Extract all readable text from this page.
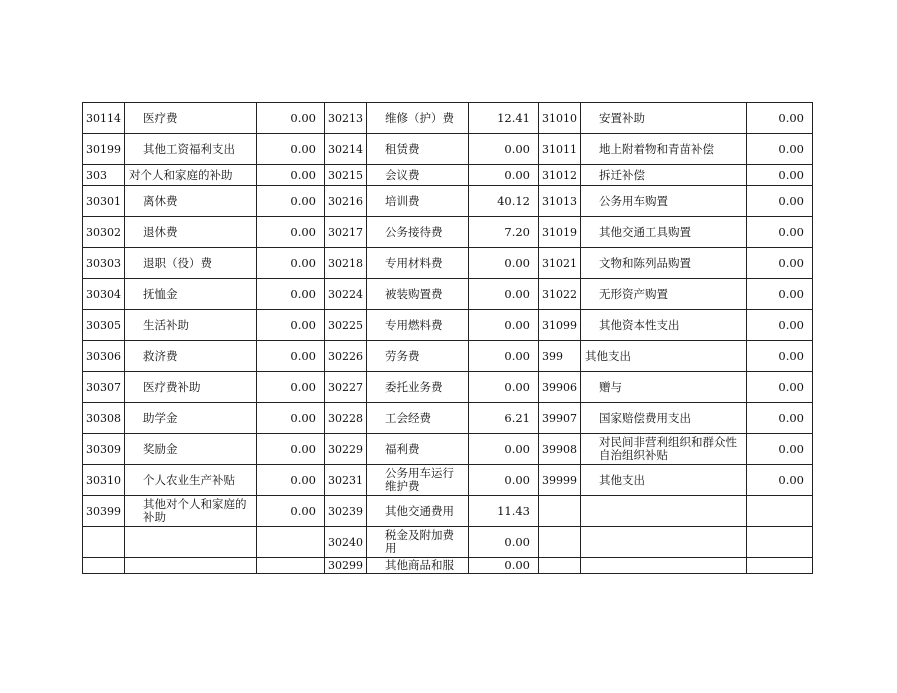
30114	医疗费	0.00	30213	维修（护）费	12.41	31010	安置补助	0.00
30199	其他工资福利支出	0.00	30214	租赁费	0.00	31011	地上附着物和青苗补偿	0.00
303	对个人和家庭的补助	0.00	30215	会议费	0.00	31012	拆迁补偿	0.00
30301	离休费	0.00	30216	培训费	40.12	31013	公务用车购置	0.00
30302	退休费	0.00	30217	公务接待费	7.20	31019	其他交通工具购置	0.00
30303	退职（役）费	0.00	30218	专用材料费	0.00	31021	文物和陈列品购置	0.00
30304	抚恤金	0.00	30224	被装购置费	0.00	31022	无形资产购置	0.00
30305	生活补助	0.00	30225	专用燃料费	0.00	31099	其他资本性支出	0.00
30306	救济费	0.00	30226	劳务费	0.00	399	其他支出	0.00
30307	医疗费补助	0.00	30227	委托业务费	0.00	39906	赠与	0.00
30308	助学金	0.00	30228	工会经费	6.21	39907	国家赔偿费用支出	0.00
30309	奖励金	0.00	30229	福利费	0.00	39908	对民间非营利组织和群众性自治组织补贴	0.00
30310	个人农业生产补贴	0.00	30231	公务用车运行维护费	0.00	39999	其他支出	0.00
30399	其他对个人和家庭的补助	0.00	30239	其他交通费用	11.43			
			30240	税金及附加费用	0.00			
			30299	其他商品和服	0.00			
